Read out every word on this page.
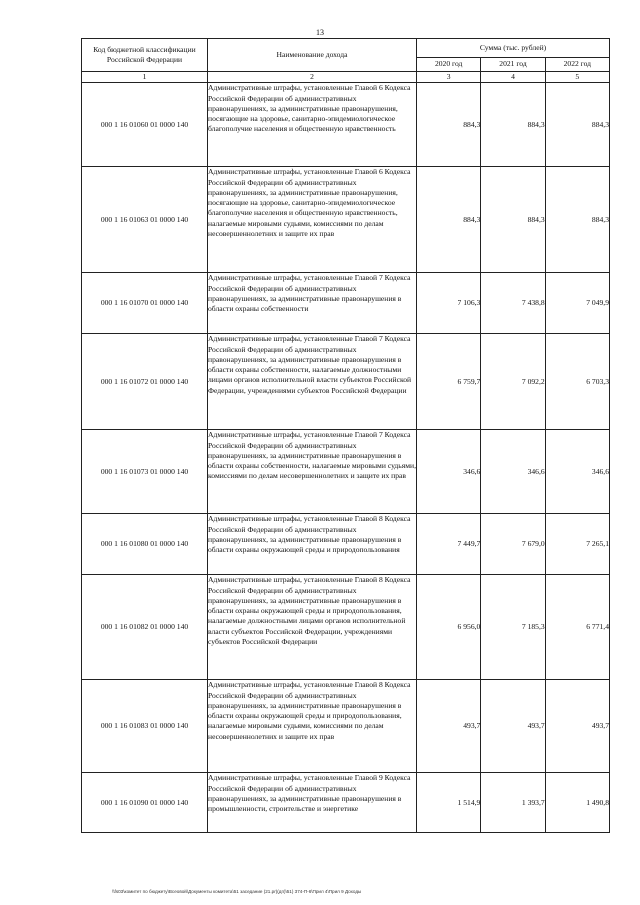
13
Код бюджетной классификации Российской Федерации	Наименование дохода	Сумма (тыс. рублей)		
		2020 год	2021 год	2022 год
1	2	3	4	5
000 1 16 01060 01 0000 140	Административные штрафы, установленные Главой 6 Кодекса Российской Федерации об административных правонарушениях, за административные правонарушения, посягающие на здоровье, санитарно-эпидемиологическое благополучие населения и общественную нравственность	884,3	884,3	884,3
000 1 16 01063 01 0000 140	Административные штрафы, установленные Главой 6 Кодекса Российской Федерации об административных правонарушениях, за административные правонарушения, посягающие на здоровье, санитарно-эпидемиологическое благополучие населения и общественную нравственность, налагаемые мировыми судьями, комиссиями по делам несовершеннолетних и защите их прав	884,3	884,3	884,3
000 1 16 01070 01 0000 140	Административные штрафы, установленные Главой 7 Кодекса Российской Федерации об административных правонарушениях, за административные правонарушения в области охраны собственности	7 106,3	7 438,8	7 049,9
000 1 16 01072 01 0000 140	Административные штрафы, установленные Главой 7 Кодекса Российской Федерации об административных правонарушениях, за административные правонарушения в области охраны собственности, налагаемые должностными лицами органов исполнительной власти субъектов Российской Федерации, учреждениями субъектов Российской Федерации	6 759,7	7 092,2	6 703,3
000 1 16 01073 01 0000 140	Административные штрафы, установленные Главой 7 Кодекса Российской Федерации об административных правонарушениях, за административные правонарушения в области охраны собственности, налагаемые мировыми судьями, комиссиями по делам несовершеннолетних и защите их прав	346,6	346,6	346,6
000 1 16 01080 01 0000 140	Административные штрафы, установленные Главой 8 Кодекса Российской Федерации об административных правонарушениях, за административные правонарушения в области охраны окружающей среды и природопользования	7 449,7	7 679,0	7 265,1
000 1 16 01082 01 0000 140	Административные штрафы, установленные Главой 8 Кодекса Российской Федерации об административных правонарушениях, за административные правонарушения в области охраны окружающей среды и природопользования, налагаемые должностными лицами органов исполнительной власти субъектов Российской Федерации, учреждениями субъектов Российской Федерации	6 956,0	7 185,3	6 771,4
000 1 16 01083 01 0000 140	Административные штрафы, установленные Главой 8 Кодекса Российской Федерации об административных правонарушениях, за административные правонарушения в области охраны окружающей среды и природопользования, налагаемые мировыми судьями, комиссиями по делам несовершеннолетних и защите их прав	493,7	493,7	493,7
000 1 16 01090 01 0000 140	Административные штрафы, установленные Главой 9 Кодекса Российской Федерации об административных правонарушениях, за административные правонарушения в промышленности, строительстве и энергетике	1 514,9	1 393,7	1 490,8
\\fs03\комитет по бюджету\Всеовой\Документы комитета\51 заседание (21.pr)(дп)\51) 374-П-6\Прил 4\Прил 9 Доходы
